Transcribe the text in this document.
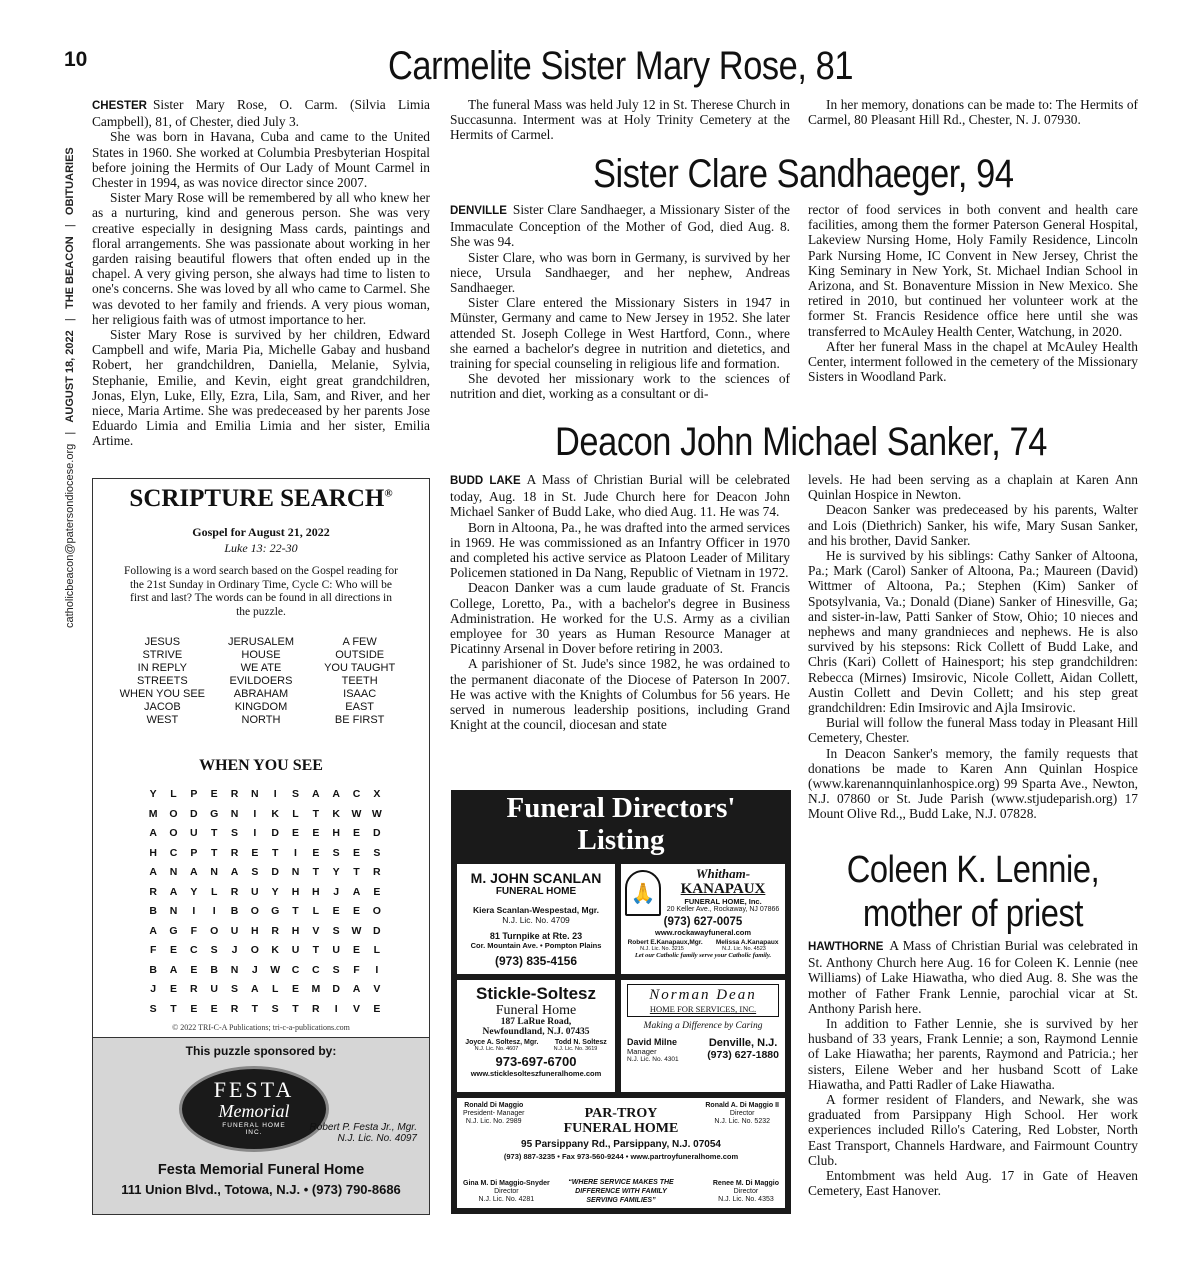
10
catholicbeacon@patersondiocese.org   |   AUGUST 18, 2022   |   THE BEACON   |   OBITUARIES
Carmelite Sister Mary Rose, 81

CHESTER Sister Mary Rose, O. Carm. (Silvia Limia Campbell), 81, of Chester, died July 3.

She was born in Havana, Cuba and came to the United States in 1960. She worked at Columbia Presbyterian Hospital before joining the Hermits of Our Lady of Mount Carmel in Chester in 1994, as was novice director since 2007.

Sister Mary Rose will be remembered by all who knew her as a nurturing, kind and generous person. She was very creative especially in designing Mass cards, paintings and floral arrangements. She was passionate about working in her garden raising beautiful flowers that often ended up in the chapel. A very giving person, she always had time to listen to one's concerns. She was loved by all who came to Carmel. She was devoted to her family and friends. A very pious woman, her religious faith was of utmost importance to her.

Sister Mary Rose is survived by her children, Edward Campbell and wife, Maria Pia, Michelle Gabay and husband Robert, her grandchildren, Daniella, Melanie, Sylvia, Stephanie, Emilie, and Kevin, eight great grandchildren, Jonas, Elyn, Luke, Elly, Ezra, Lila, Sam, and River, and her niece, Maria Artime. She was predeceased by her parents Jose Eduardo Limia and Emilia Limia and her sister, Emilia Artime.

The funeral Mass was held July 12 in St. Therese Church in Succasunna. Interment was at Holy Trinity Cemetery at the Hermits of Carmel.

In her memory, donations can be made to: The Hermits of Carmel, 80 Pleasant Hill Rd., Chester, N. J. 07930.

Sister Clare Sandhaeger, 94

DENVILLE Sister Clare Sandhaeger, a Missionary Sister of the Immaculate Conception of the Mother of God, died Aug. 8. She was 94.

Sister Clare, who was born in Germany, is survived by her niece, Ursula Sandhaeger, and her nephew, Andreas Sandhaeger.

Sister Clare entered the Missionary Sisters in 1947 in Münster, Germany and came to New Jersey in 1952. She later attended St. Joseph College in West Hartford, Conn., where she earned a bachelor's degree in nutrition and dietetics, and training for special counseling in religious life and formation.

She devoted her missionary work to the sciences of nutrition and diet, working as a consultant or di-

rector of food services in both convent and health care facilities, among them the former Paterson General Hospital, Lakeview Nursing Home, Holy Family Residence, Lincoln Park Nursing Home, IC Convent in New Jersey, Christ the King Seminary in New York, St. Michael Indian School in Arizona, and St. Bonaventure Mission in New Mexico. She retired in 2010, but continued her volunteer work at the former St. Francis Residence office here until she was transferred to McAuley Health Center, Watchung, in 2020.

After her funeral Mass in the chapel at McAuley Health Center, interment followed in the cemetery of the Missionary Sisters in Woodland Park.

Deacon John Michael Sanker, 74

BUDD LAKE A Mass of Christian Burial will be celebrated today, Aug. 18 in St. Jude Church here for Deacon John Michael Sanker of Budd Lake, who died Aug. 11. He was 74.

Born in Altoona, Pa., he was drafted into the armed services in 1969. He was commissioned as an Infantry Officer in 1970 and completed his active service as Platoon Leader of Military Policemen stationed in Da Nang, Republic of Vietnam in 1972.

Deacon Danker was a cum laude graduate of St. Francis College, Loretto, Pa., with a bachelor's degree in Business Administration. He worked for the U.S. Army as a civilian employee for 30 years as Human Resource Manager at Picatinny Arsenal in Dover before retiring in 2003.

A parishioner of St. Jude's since 1982, he was ordained to the permanent diaconate of the Diocese of Paterson In 2007. He was active with the Knights of Columbus for 56 years. He served in numerous leadership positions, including Grand Knight at the council, diocesan and state

levels. He had been serving as a chaplain at Karen Ann Quinlan Hospice in Newton.

Deacon Sanker was predeceased by his parents, Walter and Lois (Diethrich) Sanker, his wife, Mary Susan Sanker, and his brother, David Sanker.

He is survived by his siblings: Cathy Sanker of Altoona, Pa.; Mark (Carol) Sanker of Altoona, Pa.; Maureen (David) Wittmer of Altoona, Pa.; Stephen (Kim) Sanker of Spotsylvania, Va.; Donald (Diane) Sanker of Hinesville, Ga; and sister-in-law, Patti Sanker of Stow, Ohio; 10 nieces and nephews and many grandnieces and nephews. He is also survived by his stepsons: Rick Collett of Budd Lake, and Chris (Kari) Collett of Hainesport; his step grandchildren: Rebecca (Mirnes) Imsirovic, Nicole Collett, Aidan Collett, Austin Collett and Devin Collett; and his step great grandchildren: Edin Imsirovic and Ajla Imsirovic.

Burial will follow the funeral Mass today in Pleasant Hill Cemetery, Chester.

In Deacon Sanker's memory, the family requests that donations be made to Karen Ann Quinlan Hospice (www.karenannquinlanhospice.org) 99 Sparta Ave., Newton, N.J. 07860 or St. Jude Parish (www.stjudeparish.org) 17 Mount Olive Rd.,, Budd Lake, N.J. 07828.

Coleen K. Lennie,
mother of priest

HAWTHORNE A Mass of Christian Burial was celebrated in St. Anthony Church here Aug. 16 for Coleen K. Lennie (nee Williams) of Lake Hiawatha, who died Aug. 8. She was the mother of Father Frank Lennie, parochial vicar at St. Anthony Parish here.

In addition to Father Lennie, she is survived by her husband of 33 years, Frank Lennie; a son, Raymond Lennie of Lake Hiawatha; her parents, Raymond and Patricia.; her sisters, Eilene Weber and her husband Scott of Lake Hiawatha, and Patti Radler of Lake Hiawatha.

A former resident of Flanders, and Newark, she was graduated from Parsippany High School. Her work experiences included Rillo's Catering, Red Lobster, North East Transport, Channels Hardware, and Fairmount Country Club.

Entombment was held Aug. 17 in Gate of Heaven Cemetery, East Hanover.

SCRIPTURE SEARCH®
Gospel for August 21, 2022
Luke 13: 22-30
Following is a word search based on the Gospel reading for the 21st Sunday in Ordinary Time, Cycle C: Who will be first and last? The words can be found in all directions in the puzzle.
JESUS	JERUSALEM	A FEW
STRIVE	HOUSE	OUTSIDE
IN REPLY	WE ATE	YOU TAUGHT
STREETS	EVILDOERS	TEETH
WHEN YOU SEE	ABRAHAM	ISAAC
JACOB	KINGDOM	EAST
WEST	NORTH	BE FIRST
WHEN YOU SEE
Y	L	P	E	R	N	I	S	A	A	C	X
M	O	D	G	N	I	K	L	T	K	W W
A	O	U	T	S	I	D	E	E	H	E	D
H	C	P	T	R	E	T	I	E	S	E	S
A	N	A	N	A	S	D	N	T	Y	T	R
R	A	Y	L	R	U	Y	H	H	J	A	E
B	N	I	I	B	O	G	T	L	E	E	O
A	G	F	O	U	H	R	H	V	S	W	D
F	E	C	S	J	O	K	U	T	U	E	L
B	A	E	B	N	J	W	C	C	S	F	I
J	E	R	U	S	A	L	E	M	D	A	V
S	T	E	E	R	T	S	T	R	I	V	E
© 2022 TRI-C-A Publications; tri-c-a-publications.com
This puzzle sponsored by:
FESTA
Memorial
FUNERAL HOME
INC.	Robert P. Festa Jr., Mgr.
N.J. Lic. No. 4097
Festa Memorial Funeral Home
111 Union Blvd., Totowa, N.J. • (973) 790-8686
Funeral Directors'
Listing
M. JOHN SCANLAN
FUNERAL HOME
Kiera Scanlan-Wespestad, Mgr.
N.J. Lic. No. 4709
81 Turnpike at Rte. 23
Cor. Mountain Ave. • Pompton Plains
(973) 835-4156
🙏
Whitham-
KANAPAUX
FUNERAL HOME, Inc.
20 Keller Ave., Rockaway, NJ 07866
(973) 627-0075
www.rockawayfuneral.com
Robert E.Kanapaux,Mgr. Melissa A.Kanapaux
N.J. Lic. No. 3215	N.J. Lic. No. 4523
Let our Catholic family serve your Catholic family.
Stickle-Soltesz
Funeral Home
187 LaRue Road,
Newfoundland, N.J. 07435
Joyce A. Soltesz, Mgr. Todd N. Soltesz
N.J. Lic. No. 4607	N.J. Lic. No. 3619
973-697-6700
www.sticklesolteszfuneralhome.com
Norman Dean
HOME FOR SERVICES, INC.
Making a Difference by Caring
David Milne
Manager
N.J. Lic. No. 4301
Denville, N.J.
(973) 627-1880
Ronald Di Maggio
President- Manager
N.J. Lic. No. 2989
Ronald A. Di Maggio II
Director
N.J. Lic. No. 5232
PAR-TROY
FUNERAL HOME
95 Parsippany Rd., Parsippany, N.J. 07054
(973) 887-3235 • Fax 973-560-9244 • www.partroyfuneralhome.com
Gina M. Di Maggio-Snyder
Director
N.J. Lic. No. 4281
“WHERE SERVICE MAKES THE DIFFERENCE WITH FAMILY SERVING FAMILIES”
Renee M. Di Maggio
Director
N.J. Lic. No. 4353
